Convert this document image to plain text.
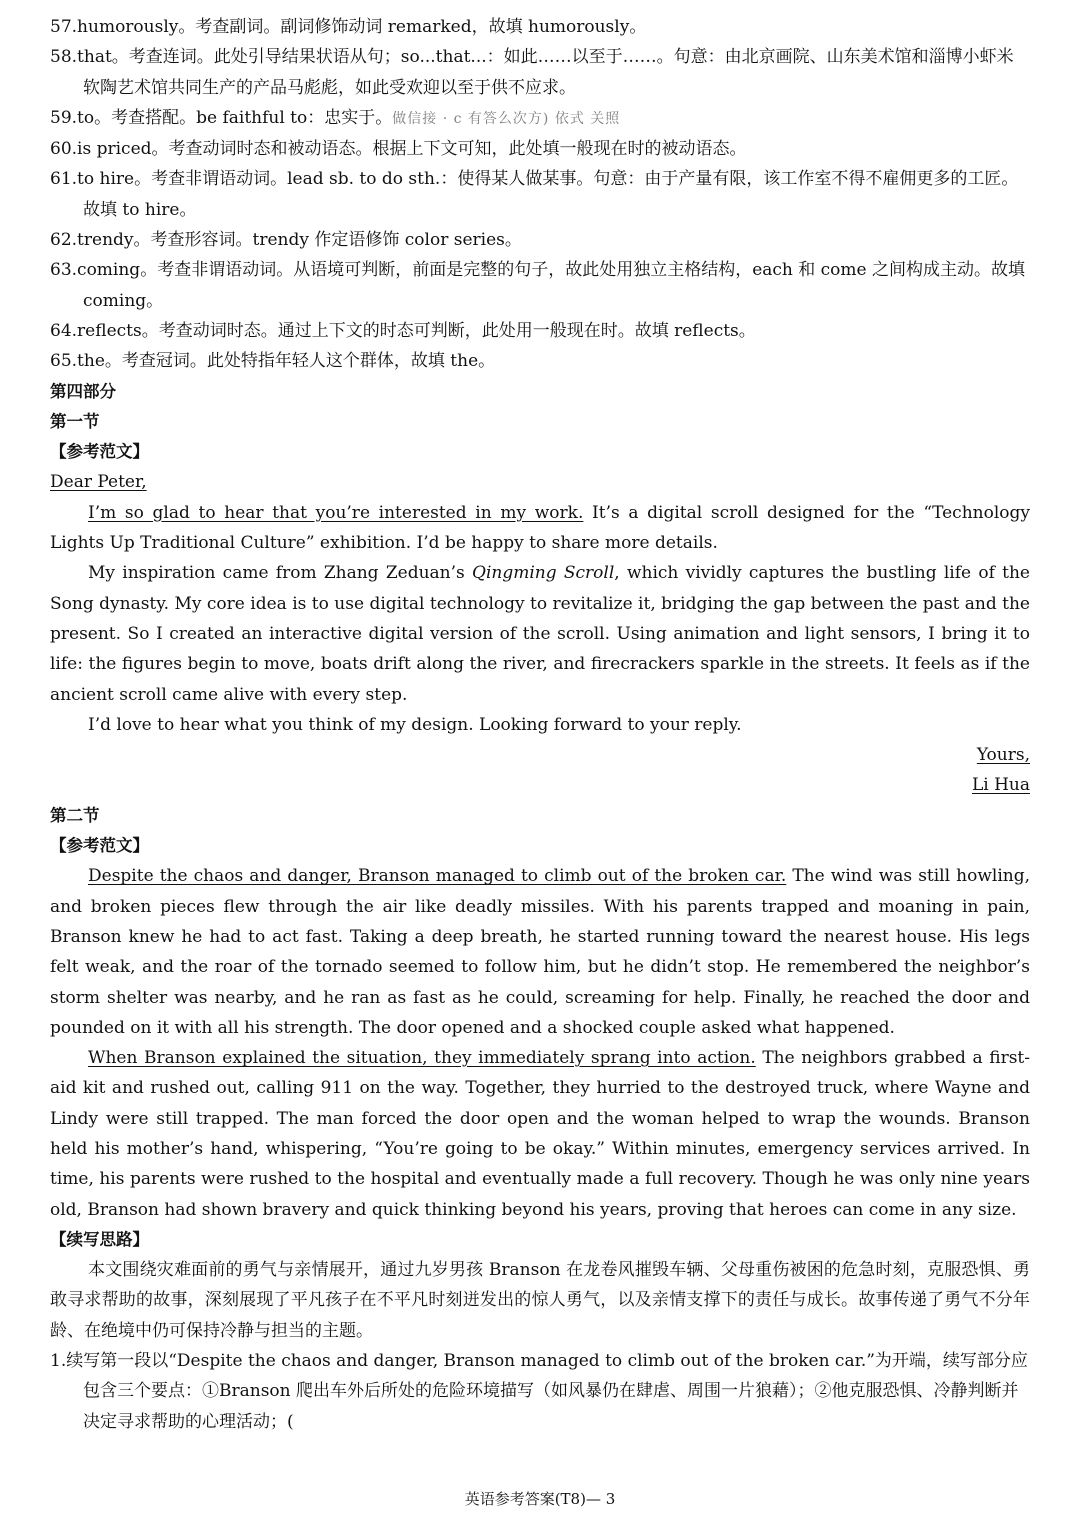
57.humorously。考查副词。副词修饰动词 remarked，故填 humorously。

58.that。考查连词。此处引导结果状语从句；so...that...：如此……以至于……。句意：由北京画院、山东美术馆和淄博小虾米软陶艺术馆共同生产的产品马彪彪，如此受欢迎以至于供不应求。

59.to。考查搭配。be faithful to：忠实于。做信接 · c 有答么次方) 依式 关照

60.is priced。考查动词时态和被动语态。根据上下文可知，此处填一般现在时的被动语态。

61.to hire。考查非谓语动词。lead sb. to do sth.：使得某人做某事。句意：由于产量有限，该工作室不得不雇佣更多的工匠。故填 to hire。

62.trendy。考查形容词。trendy 作定语修饰 color series。

63.coming。考查非谓语动词。从语境可判断，前面是完整的句子，故此处用独立主格结构，each 和 come 之间构成主动。故填 coming。

64.reflects。考查动词时态。通过上下文的时态可判断，此处用一般现在时。故填 reflects。

65.the。考查冠词。此处特指年轻人这个群体，故填 the。

第四部分

第一节

【参考范文】

Dear Peter,

I’m so glad to hear that you’re interested in my work. It’s a digital scroll designed for the “Technology Lights Up Traditional Culture” exhibition. I’d be happy to share more details.

My inspiration came from Zhang Zeduan’s Qingming Scroll, which vividly captures the bustling life of the Song dynasty. My core idea is to use digital technology to revitalize it, bridging the gap between the past and the present. So I created an interactive digital version of the scroll. Using animation and light sensors, I bring it to life: the figures begin to move, boats drift along the river, and firecrackers sparkle in the streets. It feels as if the ancient scroll came alive with every step.

I’d love to hear what you think of my design. Looking forward to your reply.

Yours,

Li Hua

第二节

【参考范文】

Despite the chaos and danger, Branson managed to climb out of the broken car. The wind was still howling, and broken pieces flew through the air like deadly missiles. With his parents trapped and moaning in pain, Branson knew he had to act fast. Taking a deep breath, he started running toward the nearest house. His legs felt weak, and the roar of the tornado seemed to follow him, but he didn’t stop. He remembered the neighbor’s storm shelter was nearby, and he ran as fast as he could, screaming for help. Finally, he reached the door and pounded on it with all his strength. The door opened and a shocked couple asked what happened.

When Branson explained the situation, they immediately sprang into action. The neighbors grabbed a first-aid kit and rushed out, calling 911 on the way. Together, they hurried to the destroyed truck, where Wayne and Lindy were still trapped. The man forced the door open and the woman helped to wrap the wounds. Branson held his mother’s hand, whispering, “You’re going to be okay.” Within minutes, emergency services arrived. In time, his parents were rushed to the hospital and eventually made a full recovery. Though he was only nine years old, Branson had shown bravery and quick thinking beyond his years, proving that heroes can come in any size.

【续写思路】

本文围绕灾难面前的勇气与亲情展开，通过九岁男孩 Branson 在龙卷风摧毁车辆、父母重伤被困的危急时刻，克服恐惧、勇敢寻求帮助的故事，深刻展现了平凡孩子在不平凡时刻迸发出的惊人勇气，以及亲情支撑下的责任与成长。故事传递了勇气不分年龄、在绝境中仍可保持冷静与担当的主题。

1.续写第一段以“Despite the chaos and danger, Branson managed to climb out of the broken car.”为开端，续写部分应包含三个要点：①Branson 爬出车外后所处的危险环境描写（如风暴仍在肆虐、周围一片狼藉）；②他克服恐惧、冷静判断并决定寻求帮助的心理活动；(

英语参考答案(T8)— 3
